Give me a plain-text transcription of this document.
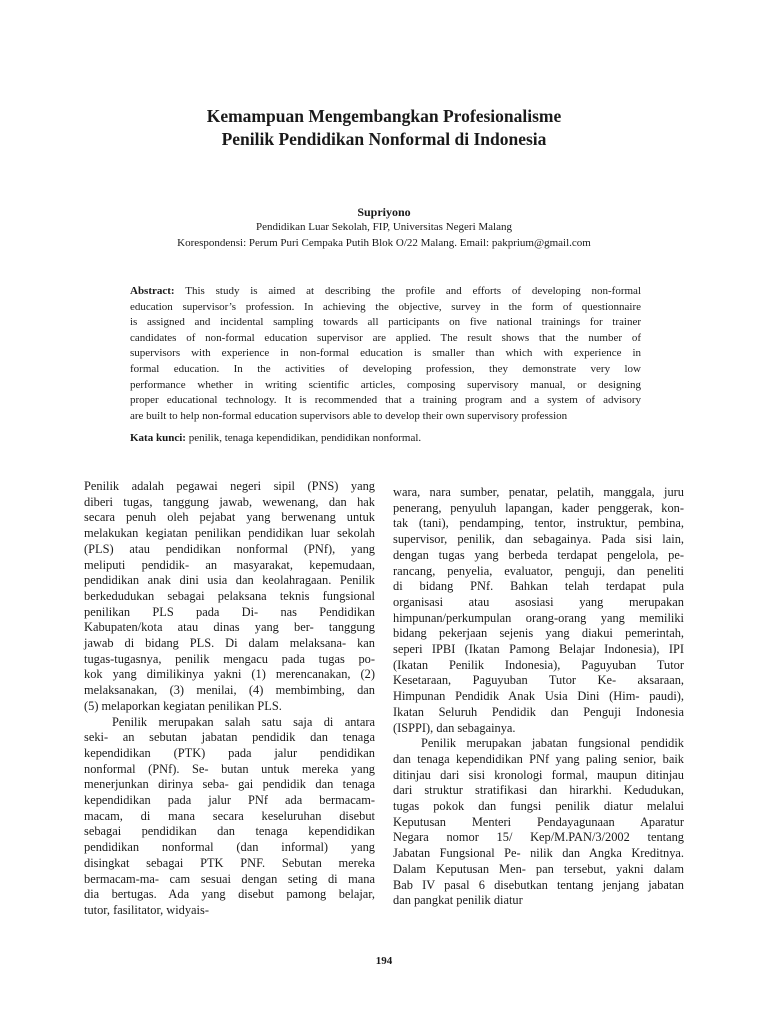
Kemampuan Mengembangkan Profesionalisme
Penilik Pendidikan Nonformal di Indonesia
Supriyono
Pendidikan Luar Sekolah, FIP, Universitas Negeri Malang
Korespondensi: Perum Puri Cempaka Putih Blok O/22 Malang. Email: pakprium@gmail.com
Abstract: This study is aimed at describing the profile and efforts of developing non-formal
education supervisor’s profession. In achieving the objective, survey in the form of questionnaire
is assigned and incidental sampling towards all participants on five national trainings for trainer
candidates of non-formal education supervisor are applied. The result shows that the number of
supervisors with experience in non-formal education is smaller than which with experience in
formal education. In the activities of developing profession, they demonstrate very low
performance whether in writing scientific articles, composing supervisory manual, or designing
proper educational technology. It is recommended that a training program and a system of advisory
are built to help non-formal education supervisors able to develop their own supervisory profession
Kata kunci: penilik, tenaga kependidikan, pendidikan nonformal.
Penilik adalah pegawai negeri sipil (PNS) yang
diberi tugas, tanggung jawab, wewenang, dan hak
secara penuh oleh pejabat yang berwenang untuk
melakukan kegiatan penilikan pendidikan luar sekolah
(PLS) atau pendidikan nonformal (PNf), yang
meliputi pendidik- an masyarakat, kepemudaan,
pendidikan anak dini usia dan keolahragaan. Penilik
berkedudukan sebagai pelaksana teknis fungsional
penilikan PLS pada Di- nas Pendidikan
Kabupaten/kota atau dinas yang ber- tanggung
jawab di bidang PLS. Di dalam melaksana- kan
tugas-tugasnya, penilik mengacu pada tugas po-
kok yang dimilikinya yakni (1) merencanakan, (2)
melaksanakan, (3) menilai, (4) membimbing, dan
(5) melaporkan kegiatan penilikan PLS.
Penilik merupakan salah satu saja di antara
seki- an sebutan jabatan pendidik dan tenaga
kependidikan (PTK) pada jalur pendidikan
nonformal (PNf). Se- butan untuk mereka yang
menerjunkan dirinya seba- gai pendidik dan tenaga
kependidikan pada jalur PNf ada bermacam-
macam, di mana secara keseluruhan disebut
sebagai pendidikan dan tenaga kependidikan
pendidikan nonformal (dan informal) yang
disingkat sebagai PTK PNF. Sebutan mereka
bermacam-ma- cam sesuai dengan seting di mana
dia bertugas. Ada yang disebut pamong belajar,
tutor, fasilitator, widyais-
wara, nara sumber, penatar, pelatih, manggala, juru
penerang, penyuluh lapangan, kader penggerak, kon-
tak (tani), pendamping, tentor, instruktur, pembina,
supervisor, penilik, dan sebagainya. Pada sisi lain,
dengan tugas yang berbeda terdapat pengelola, pe-
rancang, penyelia, evaluator, penguji, dan peneliti
di bidang PNf. Bahkan telah terdapat pula
organisasi atau asosiasi yang merupakan
himpunan/perkumpulan orang-orang yang memiliki
bidang pekerjaan sejenis yang diakui pemerintah,
seperi IPBI (Ikatan Pamong Belajar Indonesia), IPI
(Ikatan Penilik Indonesia), Paguyuban Tutor
Kesetaraan, Paguyuban Tutor Ke- aksaraan,
Himpunan Pendidik Anak Usia Dini (Him- paudi),
Ikatan Seluruh Pendidik dan Penguji Indonesia
(ISPPI), dan sebagainya.
Penilik merupakan jabatan fungsional pendidik
dan tenaga kependidikan PNf yang paling senior, baik
ditinjau dari sisi kronologi formal, maupun ditinjau
dari struktur stratifikasi dan hirarkhi. Kedudukan,
tugas pokok dan fungsi penilik diatur melalui
Keputusan Menteri Pendayagunaan Aparatur
Negara nomor 15/ Kep/M.PAN/3/2002 tentang
Jabatan Fungsional Pe- nilik dan Angka Kreditnya.
Dalam Keputusan Men- pan tersebut, yakni dalam
Bab IV pasal 6 disebutkan tentang jenjang jabatan
dan pangkat penilik diatur
194
